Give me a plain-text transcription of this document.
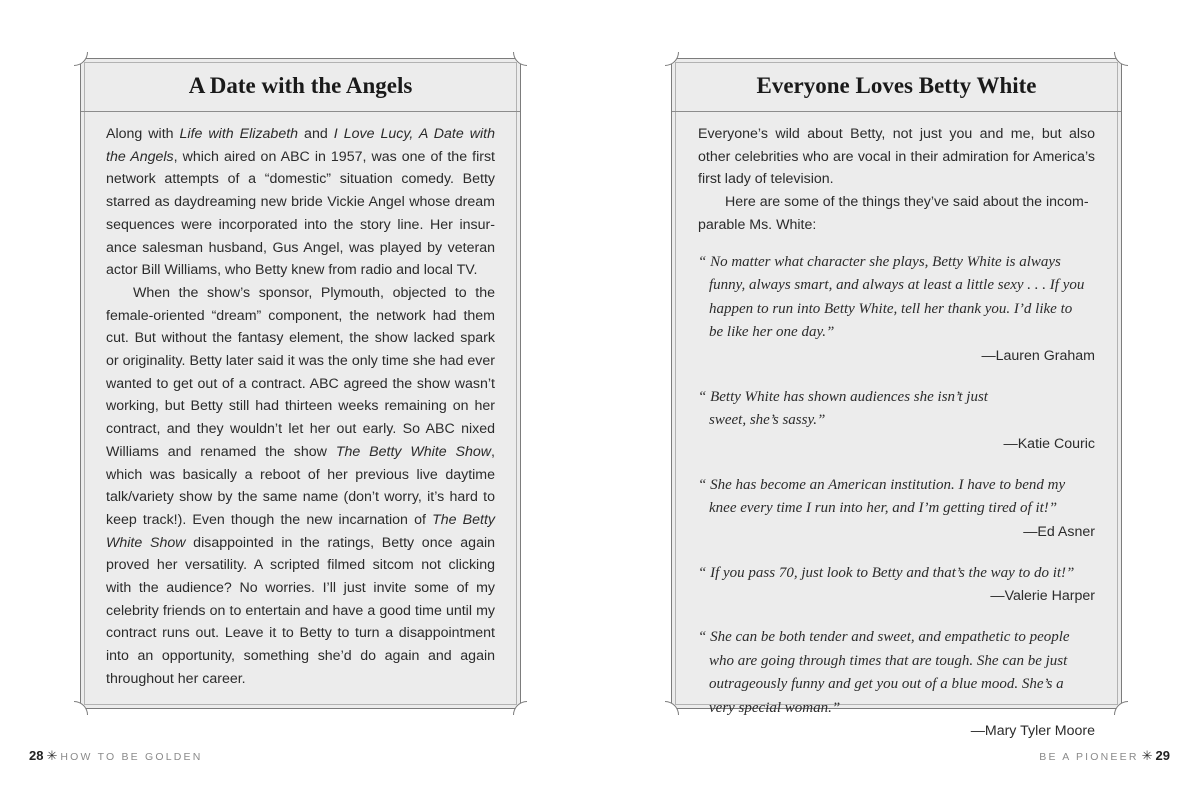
A Date with the Angels

Along with Life with Elizabeth and I Love Lucy, A Date with the Angels, which aired on ABC in 1957, was one of the first network attempts of a “domestic” situation comedy. Betty starred as daydreaming new bride Vickie Angel whose dream sequences were incorporated into the story line. Her insurance salesman husband, Gus Angel, was played by veteran actor Bill Williams, who Betty knew from radio and local TV.

When the show’s sponsor, Plymouth, objected to the female-oriented “dream” component, the network had them cut. But without the fantasy element, the show lacked spark or originality. Betty later said it was the only time she had ever wanted to get out of a contract. ABC agreed the show wasn’t working, but Betty still had thirteen weeks remaining on her contract, and they wouldn’t let her out early. So ABC nixed Williams and renamed the show The Betty White Show, which was basically a reboot of her previous live daytime talk/variety show by the same name (don’t worry, it’s hard to keep track!). Even though the new incarnation of The Betty White Show disappointed in the ratings, Betty once again proved her versatility. A scripted filmed sitcom not clicking with the audience? No worries. I’ll just invite some of my celebrity friends on to entertain and have a good time until my contract runs out. Leave it to Betty to turn a disappointment into an opportunity, something she’d do again and again throughout her career.

Everyone Loves Betty White

Everyone’s wild about Betty, not just you and me, but also other celebrities who are vocal in their admiration for America’s first lady of television.

Here are some of the things they’ve said about the incomparable Ms. White:

“ No matter what character she plays, Betty White is always funny, always smart, and always at least a little sexy . . . If you happen to run into Betty White, tell her thank you. I’d like to be like her one day.”
—Lauren Graham
“ Betty White has shown audiences she isn’t just sweet, she’s sassy.”
—Katie Couric
“ She has become an American institution. I have to bend my knee every time I run into her, and I’m getting tired of it!”
—Ed Asner
“ If you pass 70, just look to Betty and that’s the way to do it!”
—Valerie Harper
“ She can be both tender and sweet, and empathetic to people who are going through times that are tough. She can be just outrageously funny and get you out of a blue mood. She’s a very special woman.”
—Mary Tyler Moore
28 ✳ HOW TO BE GOLDEN	BE A PIONEER ✳ 29
